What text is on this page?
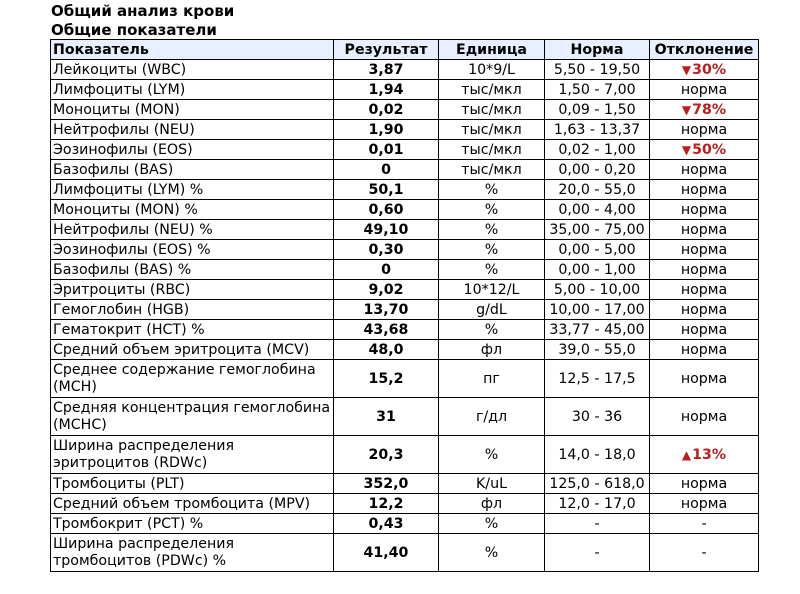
Общий анализ крови
Общие показатели
Показатель	Результат	Единица	Норма	Отклонение
Лейкоциты (WBC)	3,87	10*9/L	5,50 - 19,50	▼30%
Лимфоциты (LYM)	1,94	тыс/мкл	1,50 - 7,00	норма
Моноциты (MON)	0,02	тыс/мкл	0,09 - 1,50	▼78%
Нейтрофилы (NEU)	1,90	тыс/мкл	1,63 - 13,37	норма
Эозинофилы (EOS)	0,01	тыс/мкл	0,02 - 1,00	▼50%
Базофилы (BAS)	0	тыс/мкл	0,00 - 0,20	норма
Лимфоциты (LYM) %	50,1	%	20,0 - 55,0	норма
Моноциты (MON) %	0,60	%	0,00 - 4,00	норма
Нейтрофилы (NEU) %	49,10	%	35,00 - 75,00	норма
Эозинофилы (EOS) %	0,30	%	0,00 - 5,00	норма
Базофилы (BAS) %	0	%	0,00 - 1,00	норма
Эритроциты (RBC)	9,02	10*12/L	5,00 - 10,00	норма
Гемоглобин (HGB)	13,70	g/dL	10,00 - 17,00	норма
Гематокрит (HCT) %	43,68	%	33,77 - 45,00	норма
Средний объем эритроцита (MCV)	48,0	фл	39,0 - 55,0	норма
Среднее содержание гемоглобина (MCH)	15,2	пг	12,5 - 17,5	норма
Средняя концентрация гемоглобина (MCHC)	31	г/дл	30 - 36	норма
Ширина распределения эритроцитов (RDWc)	20,3	%	14,0 - 18,0	▲13%
Тромбоциты (PLT)	352,0	K/uL	125,0 - 618,0	норма
Средний объем тромбоцита (MPV)	12,2	фл	12,0 - 17,0	норма
Тромбокрит (PCT) %	0,43	%	-	-
Ширина распределения тромбоцитов (PDWc) %	41,40	%	-	-
